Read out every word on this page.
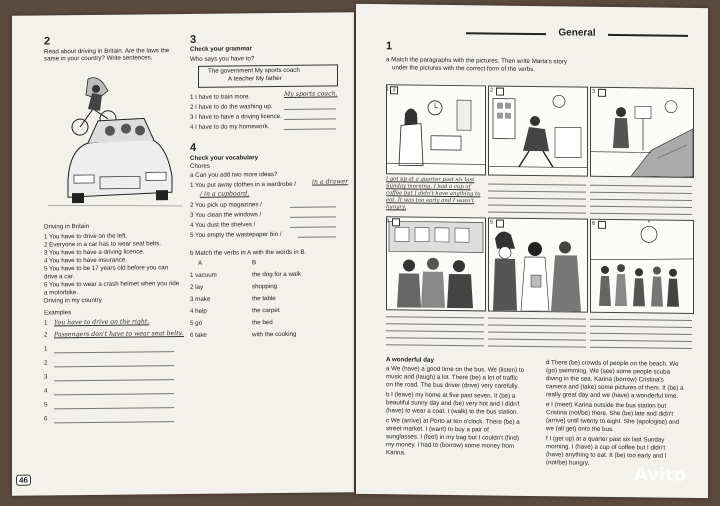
2
Read about driving in Britain. Are the laws the
same in your country? Write sentences.
Driving in Britain
1 You have to drive on the left.
2 Everyone in a car has to wear seat belts.
3 You have to have a driving licence.
4 You have to have insurance.
5 You have to be 17 years old before you can
drive a car.
6 You have to wear a crash helmet when you ride
a motorbike.
Driving in my country
Examples
1 You have to drive on the right.
2 Passengers don't have to wear seat belts.
1
2
3
4
5
6
3
Check your grammar
Who says you have to?
The government My sports coach
A teacher My father
1 I have to train more.	My sports coach.
2 I have to do the washing up.
3 I have to have a driving licence.
4 I have to do my homework.
4
Check your vocabulary
Chores
a Can you add two more ideas?
1 You put away clothes in a wardrobe /	in a drawer
/ in a cupboard.
2 You pick up magazines /
3 You clean the windows /
4 You dust the shelves /
5 You empty the wastepaper bin /
b Match the verbs in A with the words in B.
A	B
1 vacuum	the dog for a walk
2 lay	shopping
3 make	the table
4 help	the carpet
5 go	the bed
6 take	with the cooking
46
General
1
a Match the paragraphs with the pictures. Then write Marta's story
under the pictures with the correct form of the verbs.
d
1	2	3
I got up at a quarter past six last
Sunday morning. I had a cup of
coffee but I didn't have anything to
eat. It was too early and I wasn't
hungry.
4	5	6
A wonderful day
a We (have) a good time on the bus. We (listen) to
music and (laugh) a lot. There (be) a lot of traffic
on the road. The bus driver (drive) very carefully.
b I (leave) my home at five past seven. It (be) a
beautiful sunny day and (be) very hot and I didn't
(have) to wear a coat. I (walk) to the bus station.
c We (arrive) at Porto at ten o'clock. There (be) a
street market. I (want) to buy a pair of
sunglasses. I (feel) in my bag but I couldn't (find)
my money. I had to (borrow) some money from
Karina.
d There (be) crowds of people on the beach. We
(go) swimming. We (see) some people scuba
diving in the sea. Karina (borrow) Cristina's
camera and (take) some pictures of them. It (be) a
really great day and we (have) a wonderful time.
e I (meet) Karina outside the bus station but
Cristina (not/be) there. She (be) late and didn't
(arrive) until twenty to eight. She (apologise) and
we (all get) onto the bus.
f I (get up) at a quarter past six last Sunday
morning. I (have) a cup of coffee but I didn't
(have) anything to eat. It (be) too early and I
(not/be) hungry.
Avito
